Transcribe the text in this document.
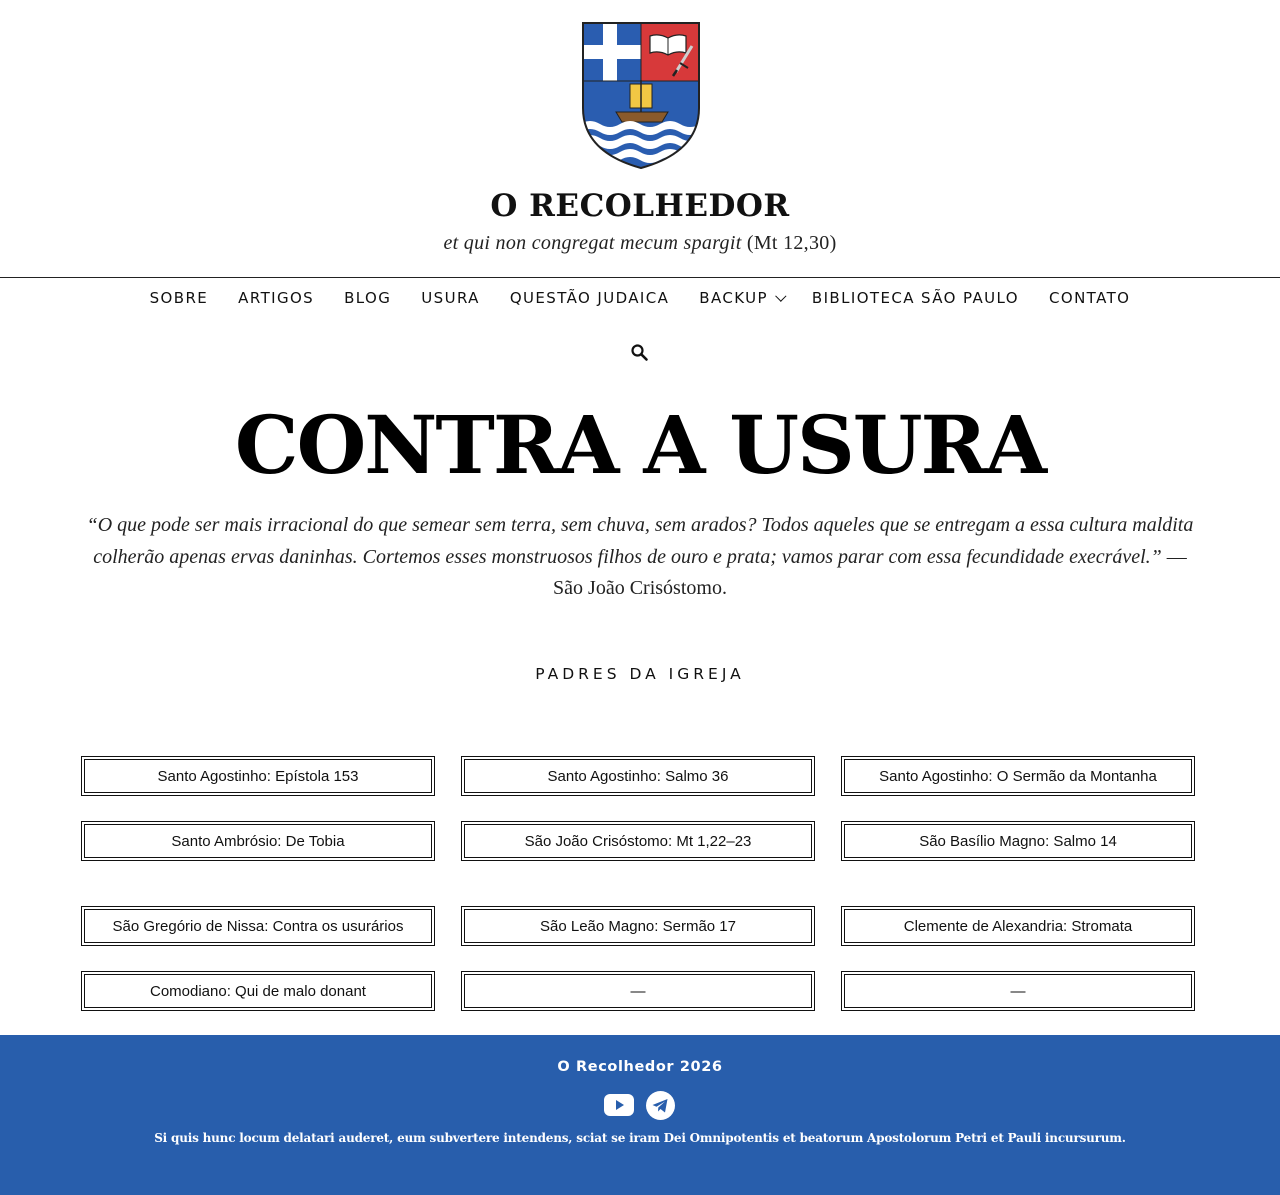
O RECOLHEDOR
et qui non congregat mecum spargit (Mt 12,30)
SOBRE ARTIGOS BLOG USURA QUESTÃO JUDAICA BACKUP	BIBLIOTECA SÃO PAULO CONTATO
CONTRA A USURA

“O que pode ser mais irracional do que semear sem terra, sem chuva, sem arados? Todos aqueles que se entregam a essa cultura maldita colherão apenas ervas daninhas. Cortemos esses monstruosos filhos de ouro e prata; vamos parar com essa fecundidade execrável.” — São João Crisóstomo.

PADRES DA IGREJA
Santo Agostinho: Epístola 153	Santo Agostinho: Salmo 36	Santo Agostinho: O Sermão da Montanha
Santo Ambrósio: De Tobia	São João Crisóstomo: Mt 1,22–23	São Basílio Magno: Salmo 14
São Gregório de Nissa: Contra os usurários	São Leão Magno: Sermão 17	Clemente de Alexandria: Stromata
Comodiano: Qui de malo donant	—	—
O Recolhedor 2026
Si quis hunc locum delatari auderet, eum subvertere intendens, sciat se iram Dei Omnipotentis et beatorum Apostolorum Petri et Pauli incursurum.
